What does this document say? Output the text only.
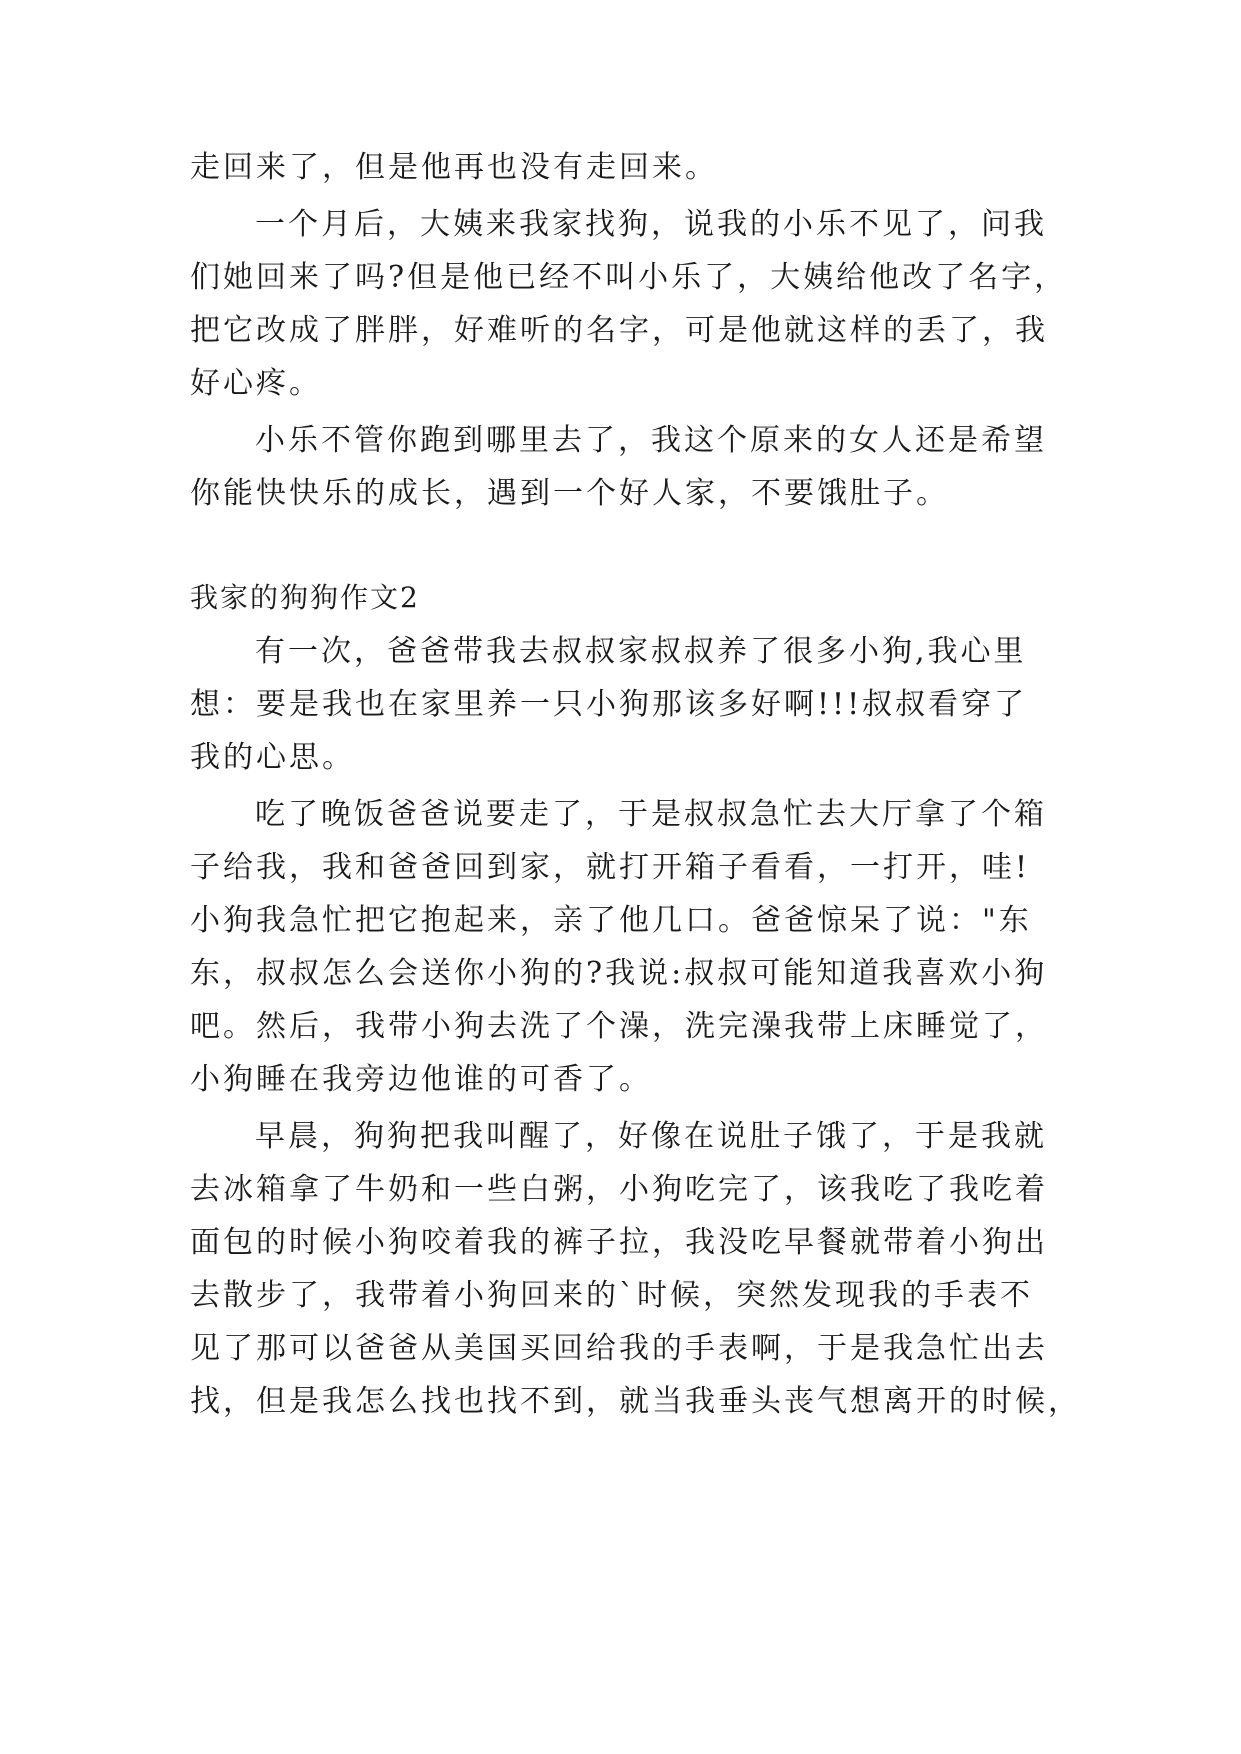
走回来了，但是他再也没有走回来。
一个月后，大姨来我家找狗，说我的小乐不见了，问我
们她回来了吗?但是他已经不叫小乐了，大姨给他改了名字，
把它改成了胖胖，好难听的名字，可是他就这样的丢了，我
好心疼。
小乐不管你跑到哪里去了，我这个原来的女人还是希望
你能快快乐的成长，遇到一个好人家，不要饿肚子。
我家的狗狗作文2
有一次，爸爸带我去叔叔家叔叔养了很多小狗,我心里
想：要是我也在家里养一只小狗那该多好啊!!!叔叔看穿了
我的心思。
吃了晚饭爸爸说要走了，于是叔叔急忙去大厅拿了个箱
子给我，我和爸爸回到家，就打开箱子看看，一打开，哇!
小狗我急忙把它抱起来，亲了他几口。爸爸惊呆了说："东
东，叔叔怎么会送你小狗的?我说:叔叔可能知道我喜欢小狗
吧。然后，我带小狗去洗了个澡，洗完澡我带上床睡觉了，
小狗睡在我旁边他谁的可香了。
早晨，狗狗把我叫醒了，好像在说肚子饿了，于是我就
去冰箱拿了牛奶和一些白粥，小狗吃完了，该我吃了我吃着
面包的时候小狗咬着我的裤子拉，我没吃早餐就带着小狗出
去散步了，我带着小狗回来的`时候，突然发现我的手表不
见了那可以爸爸从美国买回给我的手表啊，于是我急忙出去
找，但是我怎么找也找不到，就当我垂头丧气想离开的时候，
